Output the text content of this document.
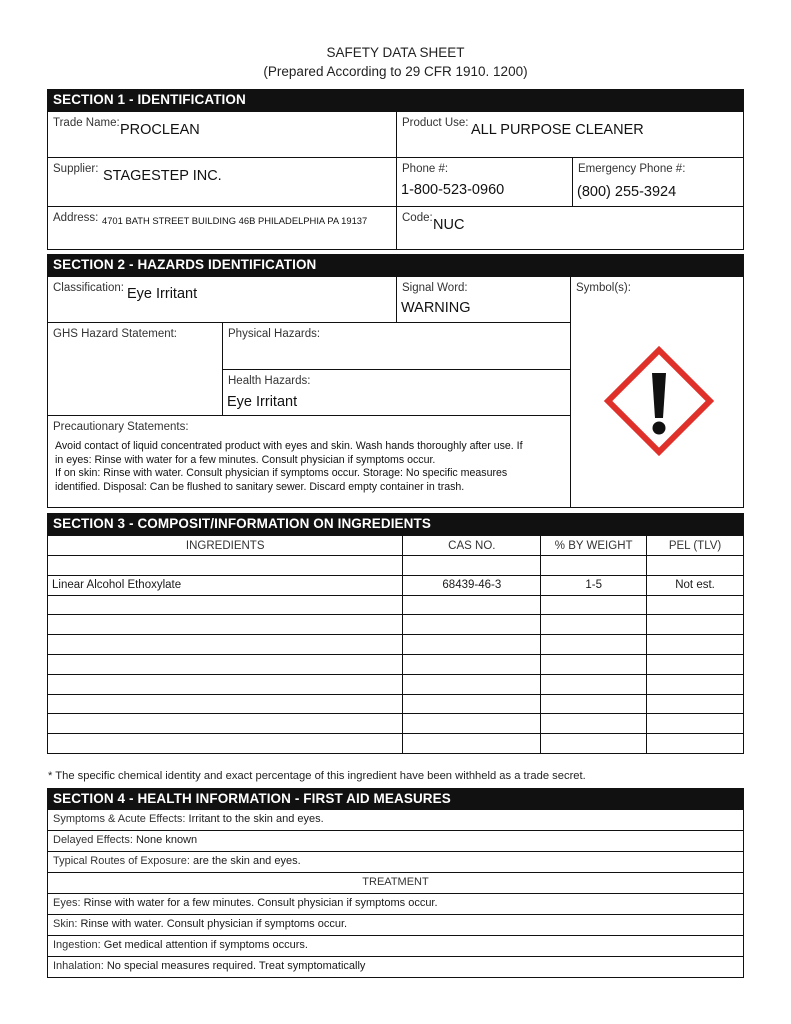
SAFETY DATA SHEET
(Prepared According to 29 CFR 1910. 1200)
SECTION 1 - IDENTIFICATION
Trade Name: PROCLEAN	Product Use: ALL PURPOSE CLEANER
Supplier: STAGESTEP INC.	Phone #:
1-800-523-0960
Emergency Phone #:
(800) 255-3924
Address: 4701 BATH STREET BUILDING 46B PHILADELPHIA PA 19137	Code: NUC
SECTION 2 - HAZARDS IDENTIFICATION
Classification: Eye Irritant	Signal Word:
WARNING
Symbol(s):
GHS Hazard Statement:	Physical Hazards:
Health Hazards:
Eye Irritant
Precautionary Statements:
Avoid contact of liquid concentrated product with eyes and skin. Wash hands thoroughly after use. If
in eyes: Rinse with water for a few minutes. Consult physician if symptoms occur.
If on skin: Rinse with water. Consult physician if symptoms occur. Storage: No specific measures
identified. Disposal: Can be flushed to sanitary sewer. Discard empty container in trash.
SECTION 3 - COMPOSIT/INFORMATION ON INGREDIENTS
INGREDIENTS	CAS NO.	% BY WEIGHT	PEL (TLV)

Linear Alcohol Ethoxylate	68439-46-3	1-5	Not est.

* The specific chemical identity and exact percentage of this ingredient have been withheld as a trade secret.
SECTION 4 - HEALTH INFORMATION - FIRST AID MEASURES
Symptoms & Acute Effects: Irritant to the skin and eyes.
Delayed Effects: None known
Typical Routes of Exposure: are the skin and eyes.
TREATMENT
Eyes: Rinse with water for a few minutes. Consult physician if symptoms occur.
Skin: Rinse with water. Consult physician if symptoms occur.
Ingestion: Get medical attention if symptoms occurs.
Inhalation: No special measures required. Treat symptomatically
